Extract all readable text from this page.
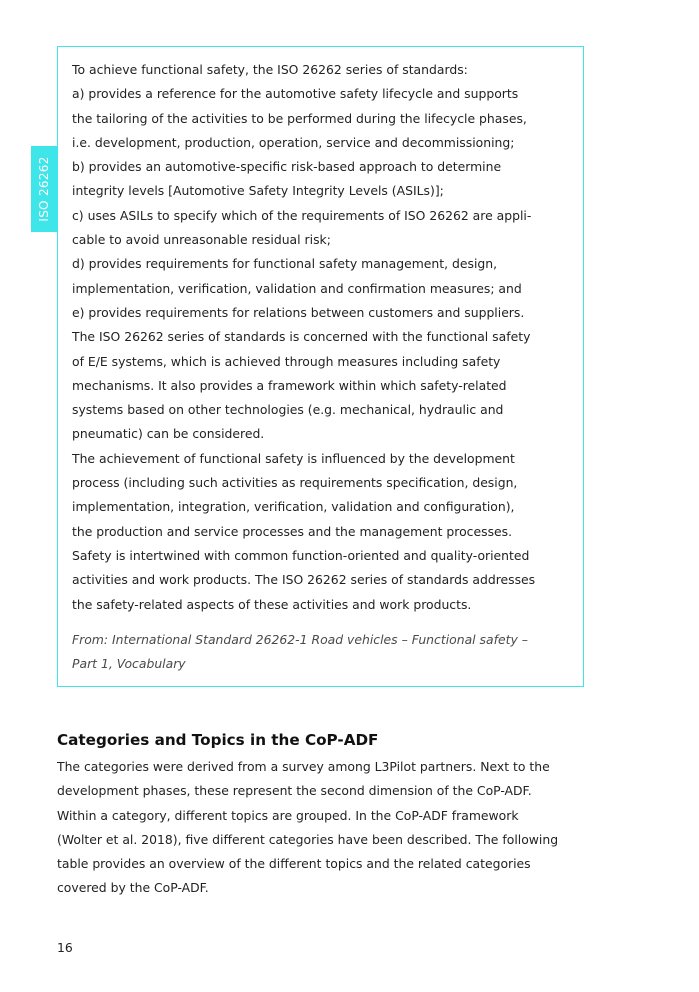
ISO 26262
To achieve functional safety, the ISO 26262 series of standards:
a) provides a reference for the automotive safety lifecycle and supports
the tailoring of the activities to be performed during the lifecycle phases,
i.e. development, production, operation, service and decommissioning;
b) provides an automotive-specific risk-based approach to determine
integrity levels [Automotive Safety Integrity Levels (ASILs)];
c) uses ASILs to specify which of the requirements of ISO 26262 are appli-
cable to avoid unreasonable residual risk;
d) provides requirements for functional safety management, design,
implementation, verification, validation and confirmation measures; and
e) provides requirements for relations between customers and suppliers.
The ISO 26262 series of standards is concerned with the functional safety
of E/E systems, which is achieved through measures including safety
mechanisms. It also provides a framework within which safety-related
systems based on other technologies (e.g. mechanical, hydraulic and
pneumatic) can be considered.
The achievement of functional safety is influenced by the development
process (including such activities as requirements specification, design,
implementation, integration, verification, validation and configuration),
the production and service processes and the management processes.
Safety is intertwined with common function-oriented and quality-oriented
activities and work products. The ISO 26262 series of standards addresses
the safety-related aspects of these activities and work products.
From: International Standard 26262-1 Road vehicles – Functional safety –
Part 1, Vocabulary
Categories and Topics in the CoP-ADF
The categories were derived from a survey among L3Pilot partners. Next to the
development phases, these represent the second dimension of the CoP-ADF.
Within a category, different topics are grouped. In the CoP-ADF framework
(Wolter et al. 2018), five different categories have been described. The following
table provides an overview of the different topics and the related categories
covered by the CoP-ADF.
16
